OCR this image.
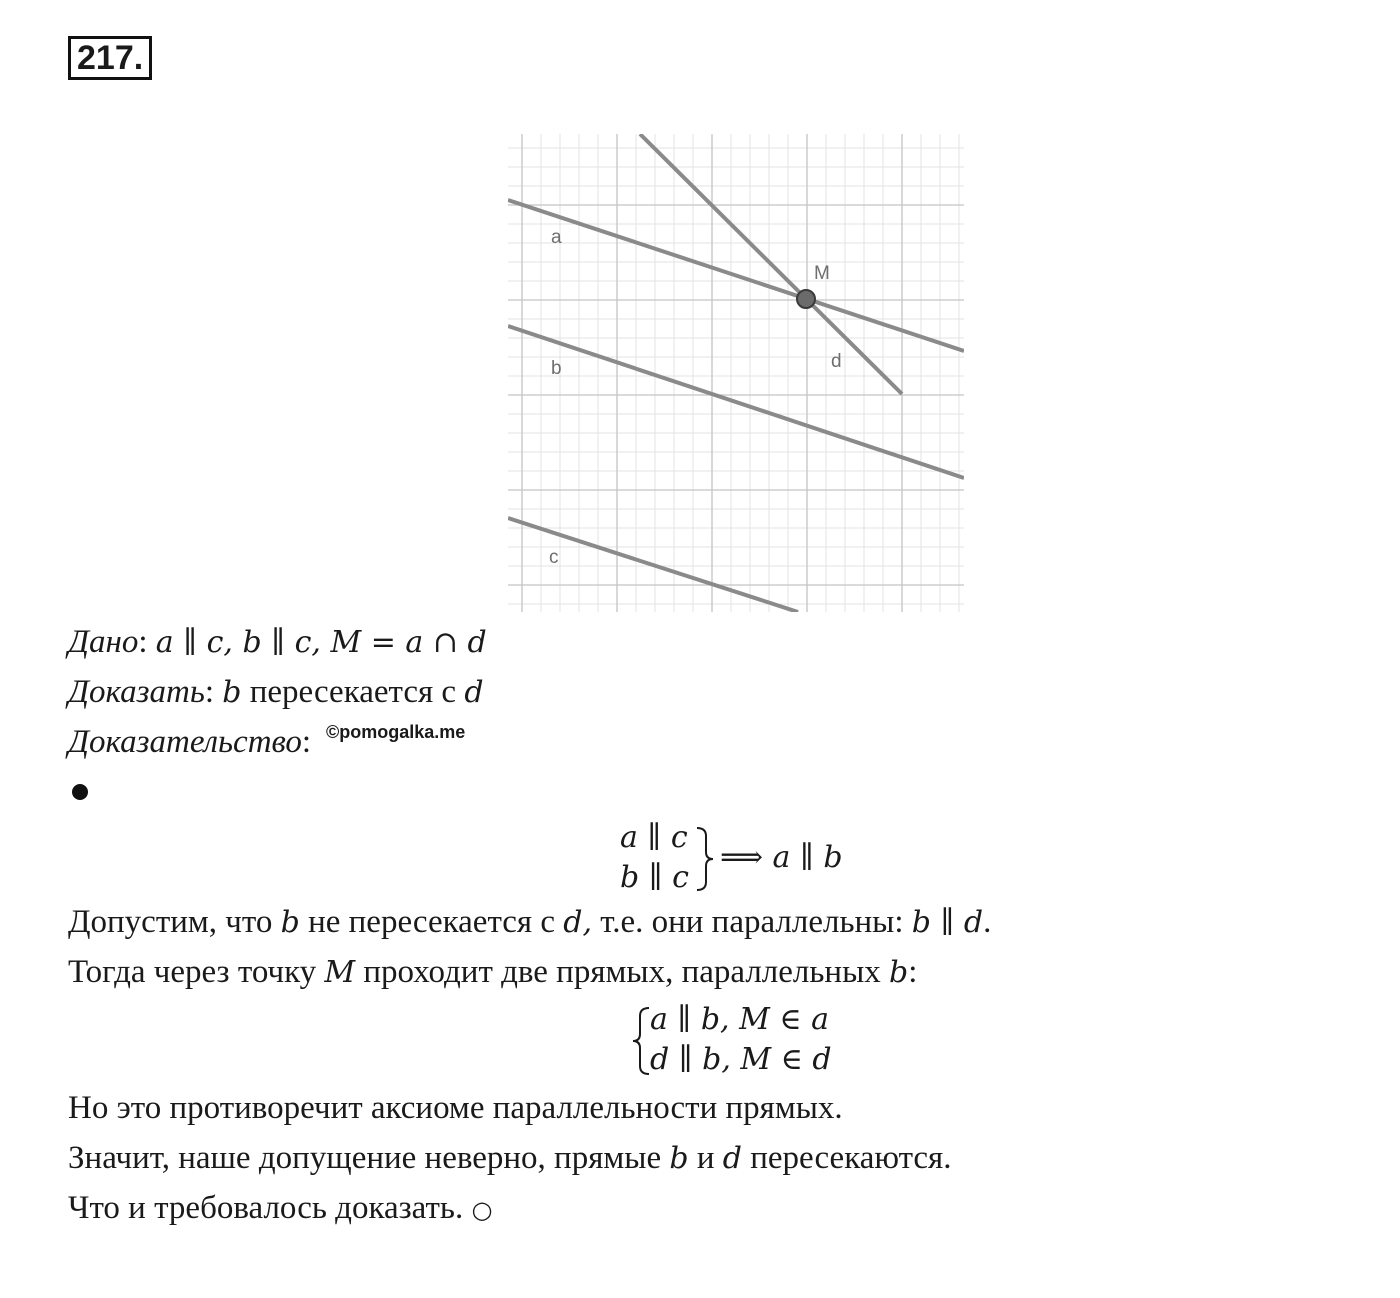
217.
a
M
d
b
c
Дано: a ∥ c, b ∥ c, M = a ∩ d
Доказать: b пересекается с d
Доказательство: ©pomogalka.me
a ∥ c
b ∥ c
⟹ a ∥ b
Допустим, что b не пересекается с d, т.е. они параллельны: b ∥ d.
Тогда через точку M проходит две прямых, параллельных b:
a ∥ b, M ∈ a
d ∥ b, M ∈ d
Но это противоречит аксиоме параллельности прямых.
Значит, наше допущение неверно, прямые b и d пересекаются.
Что и требовалось доказать. ○
